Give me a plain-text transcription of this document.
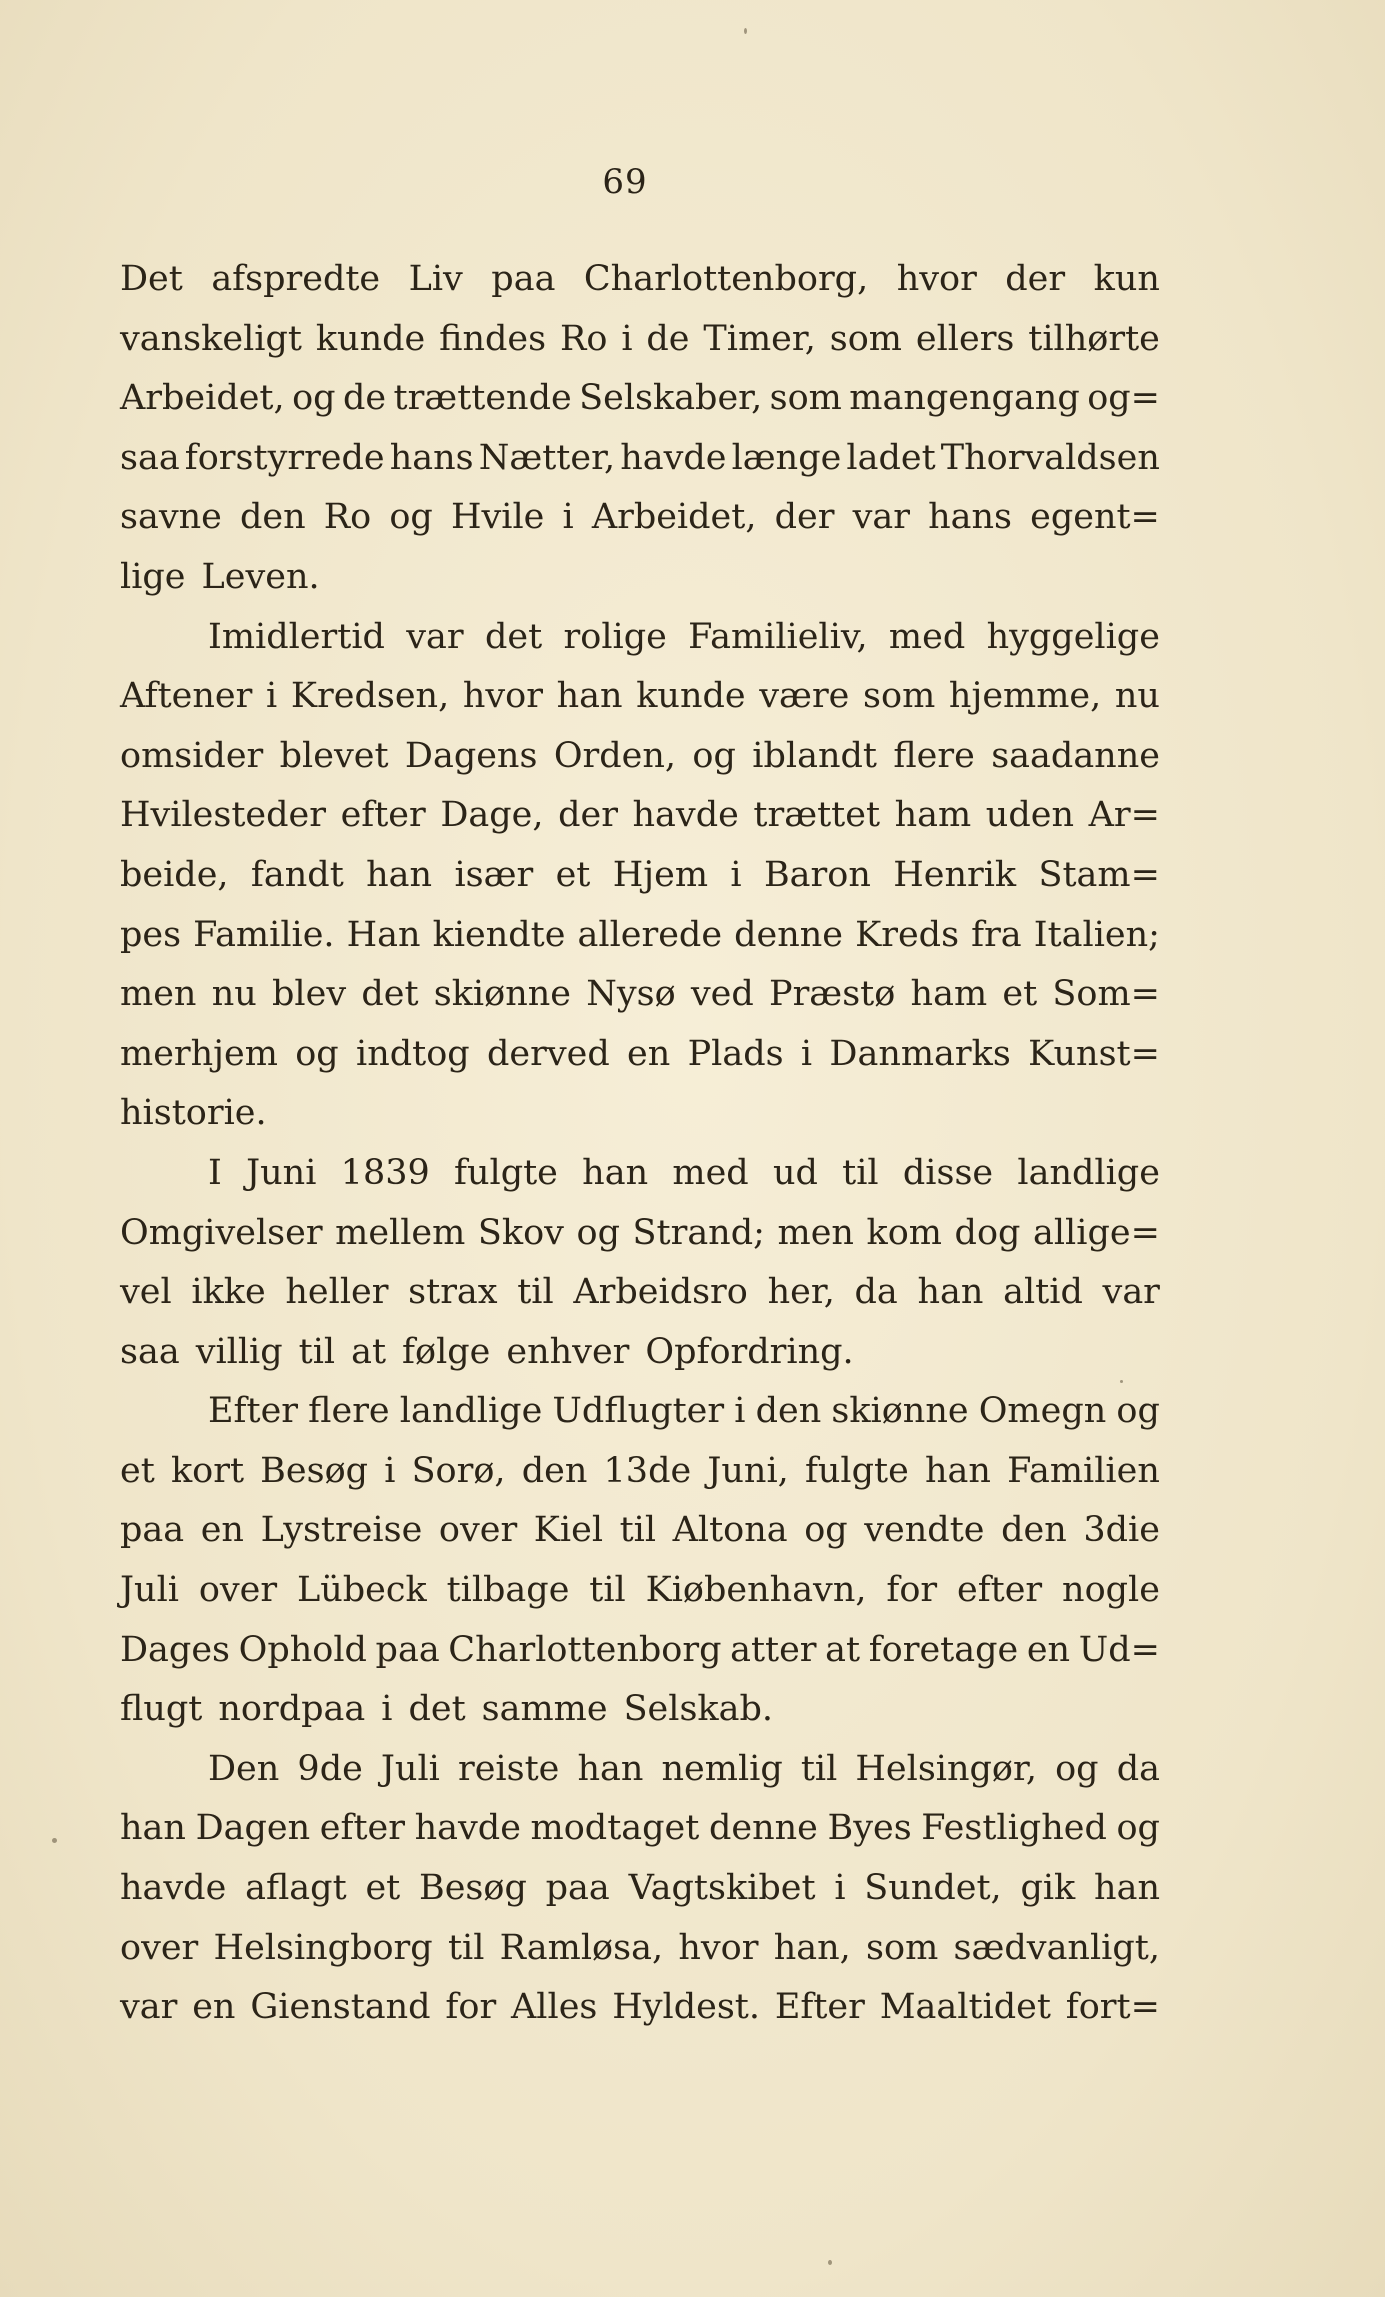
69
Det afspredte Liv paa Charlottenborg, hvor der kun
vanskeligt kunde findes Ro i de Timer, som ellers tilhørte
Arbeidet, og de trættende Selskaber, som mangengang og=
saa forstyrrede hans Nætter, havde længe ladet Thorvaldsen
savne den Ro og Hvile i Arbeidet, der var hans egent=
lige Leven.
Imidlertid var det rolige Familieliv, med hyggelige
Aftener i Kredsen, hvor han kunde være som hjemme, nu
omsider blevet Dagens Orden, og iblandt flere saadanne
Hvilesteder efter Dage, der havde trættet ham uden Ar=
beide, fandt han især et Hjem i Baron Henrik Stam=
pes Familie. Han kiendte allerede denne Kreds fra Italien;
men nu blev det skiønne Nysø ved Præstø ham et Som=
merhjem og indtog derved en Plads i Danmarks Kunst=
historie.
I Juni 1839 fulgte han med ud til disse landlige
Omgivelser mellem Skov og Strand; men kom dog allige=
vel ikke heller strax til Arbeidsro her, da han altid var
saa villig til at følge enhver Opfordring.
Efter flere landlige Udflugter i den skiønne Omegn og
et kort Besøg i Sorø, den 13de Juni, fulgte han Familien
paa en Lystreise over Kiel til Altona og vendte den 3die
Juli over Lübeck tilbage til Kiøbenhavn, for efter nogle
Dages Ophold paa Charlottenborg atter at foretage en Ud=
flugt nordpaa i det samme Selskab.
Den 9de Juli reiste han nemlig til Helsingør, og da
han Dagen efter havde modtaget denne Byes Festlighed og
havde aflagt et Besøg paa Vagtskibet i Sundet, gik han
over Helsingborg til Ramløsa, hvor han, som sædvanligt,
var en Gienstand for Alles Hyldest. Efter Maaltidet fort=
